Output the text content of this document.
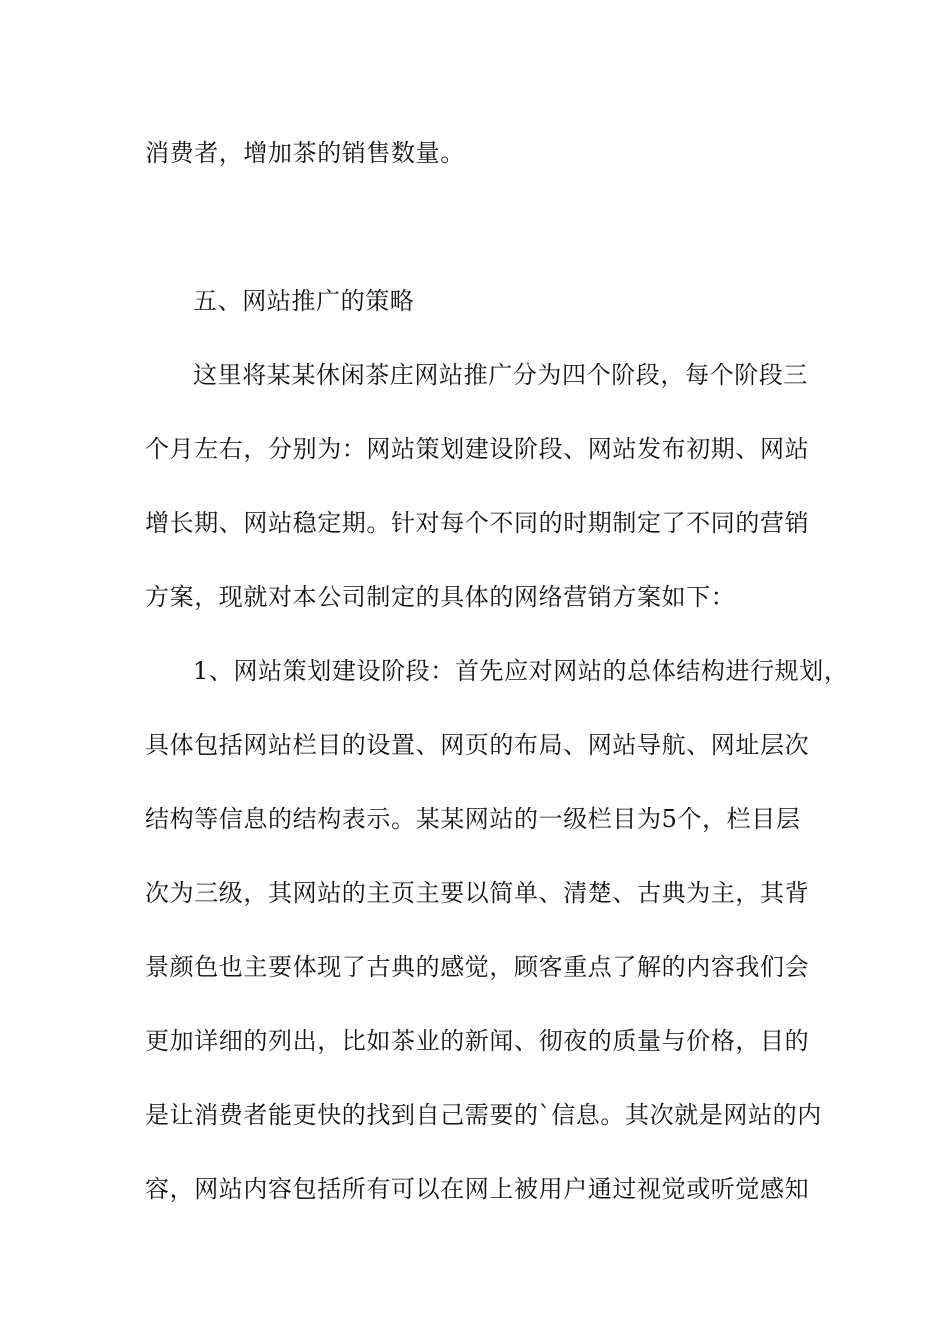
消费者，增加茶的销售数量。
五、网站推广的策略
这里将某某休闲茶庄网站推广分为四个阶段，每个阶段三
个月左右，分别为：网站策划建设阶段、网站发布初期、网站
增长期、网站稳定期。针对每个不同的时期制定了不同的营销
方案，现就对本公司制定的具体的网络营销方案如下：
1、网站策划建设阶段：首先应对网站的总体结构进行规划，
具体包括网站栏目的设置、网页的布局、网站导航、网址层次
结构等信息的结构表示。某某网站的一级栏目为5个，栏目层
次为三级，其网站的主页主要以简单、清楚、古典为主，其背
景颜色也主要体现了古典的感觉，顾客重点了解的内容我们会
更加详细的列出，比如茶业的新闻、彻夜的质量与价格，目的
是让消费者能更快的找到自己需要的`信息。其次就是网站的内
容，网站内容包括所有可以在网上被用户通过视觉或听觉感知
